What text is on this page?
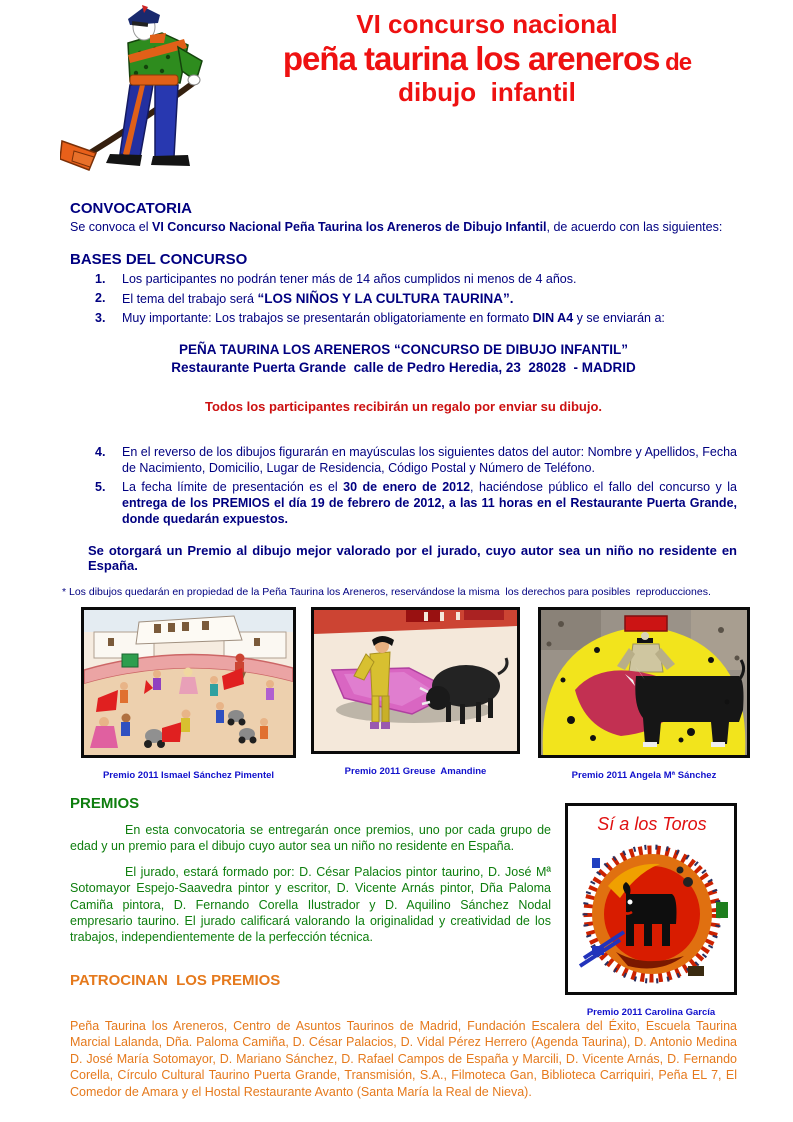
VI concurso nacional
peña taurina los areneros de
dibujo  infantil
CONVOCATORIA
Se convoca el VI Concurso Nacional Peña Taurina los Areneros de Dibujo Infantil, de acuerdo con las siguientes:
BASES DEL CONCURSO
1. Los participantes no podrán tener más de 14 años cumplidos ni menos de 4 años.
2. El tema del trabajo será “LOS NIÑOS Y LA CULTURA TAURINA”.
3. Muy importante: Los trabajos se presentarán obligatoriamente en formato DIN A4 y se enviarán a:
PEÑA TAURINA LOS ARENEROS “CONCURSO DE DIBUJO INFANTIL”
Restaurante Puerta Grande  calle de Pedro Heredia, 23  28028  - MADRID
Todos los participantes recibirán un regalo por enviar su dibujo.
4. En el reverso de los dibujos figurarán en mayúsculas los siguientes datos del autor: Nombre y Apellidos, Fecha de Nacimiento, Domicilio, Lugar de Residencia, Código Postal y Número de Teléfono.
5. La fecha límite de presentación es el 30 de enero de 2012, haciéndose público el fallo del concurso y la entrega de los PREMIOS el día 19 de febrero de 2012, a las 11 horas en el Restaurante Puerta Grande, donde quedarán expuestos.
Se otorgará un Premio al dibujo mejor valorado por el jurado, cuyo autor sea un niño no residente en España.
* Los dibujos quedarán en propiedad de la Peña Taurina los Areneros, reservándose la misma  los derechos para posibles  reproducciones.
Premio 2011 Ismael Sánchez Pimentel	Premio 2011 Greuse  Amandine	Premio 2011 Angela Mª Sánchez
Sí a los Toros
Premio 2011 Carolina García
PREMIOS
En esta convocatoria se entregarán once premios, uno por cada grupo de edad y un premio para el dibujo cuyo autor sea un niño no residente en España.
El jurado, estará formado por: D. César Palacios pintor taurino, D. José Mª Sotomayor Espejo-Saavedra pintor y escritor, D. Vicente Arnás pintor, Dña Paloma Camiña pintora, D. Fernando Corella Ilustrador y D. Aquilino Sánchez Nodal empresario taurino. El jurado calificará valorando la originalidad y creatividad de los trabajos, independientemente de la perfección técnica.
PATROCINAN  LOS PREMIOS
Peña Taurina los Areneros, Centro de Asuntos Taurinos de Madrid, Fundación Escalera del Éxito, Escuela Taurina Marcial Lalanda, Dña. Paloma Camiña, D. César Palacios, D. Vidal Pérez Herrero (Agenda Taurina), D. Antonio Medina D. José María Sotomayor, D. Mariano Sánchez, D. Rafael Campos de España y Marcili, D. Vicente Arnás, D. Fernando Corella, Círculo Cultural Taurino Puerta Grande, Transmisión, S.A., Filmoteca Gan, Biblioteca Carriquiri, Peña EL 7, El Comedor de Amara y el Hostal Restaurante Avanto (Santa María la Real de Nieva).
